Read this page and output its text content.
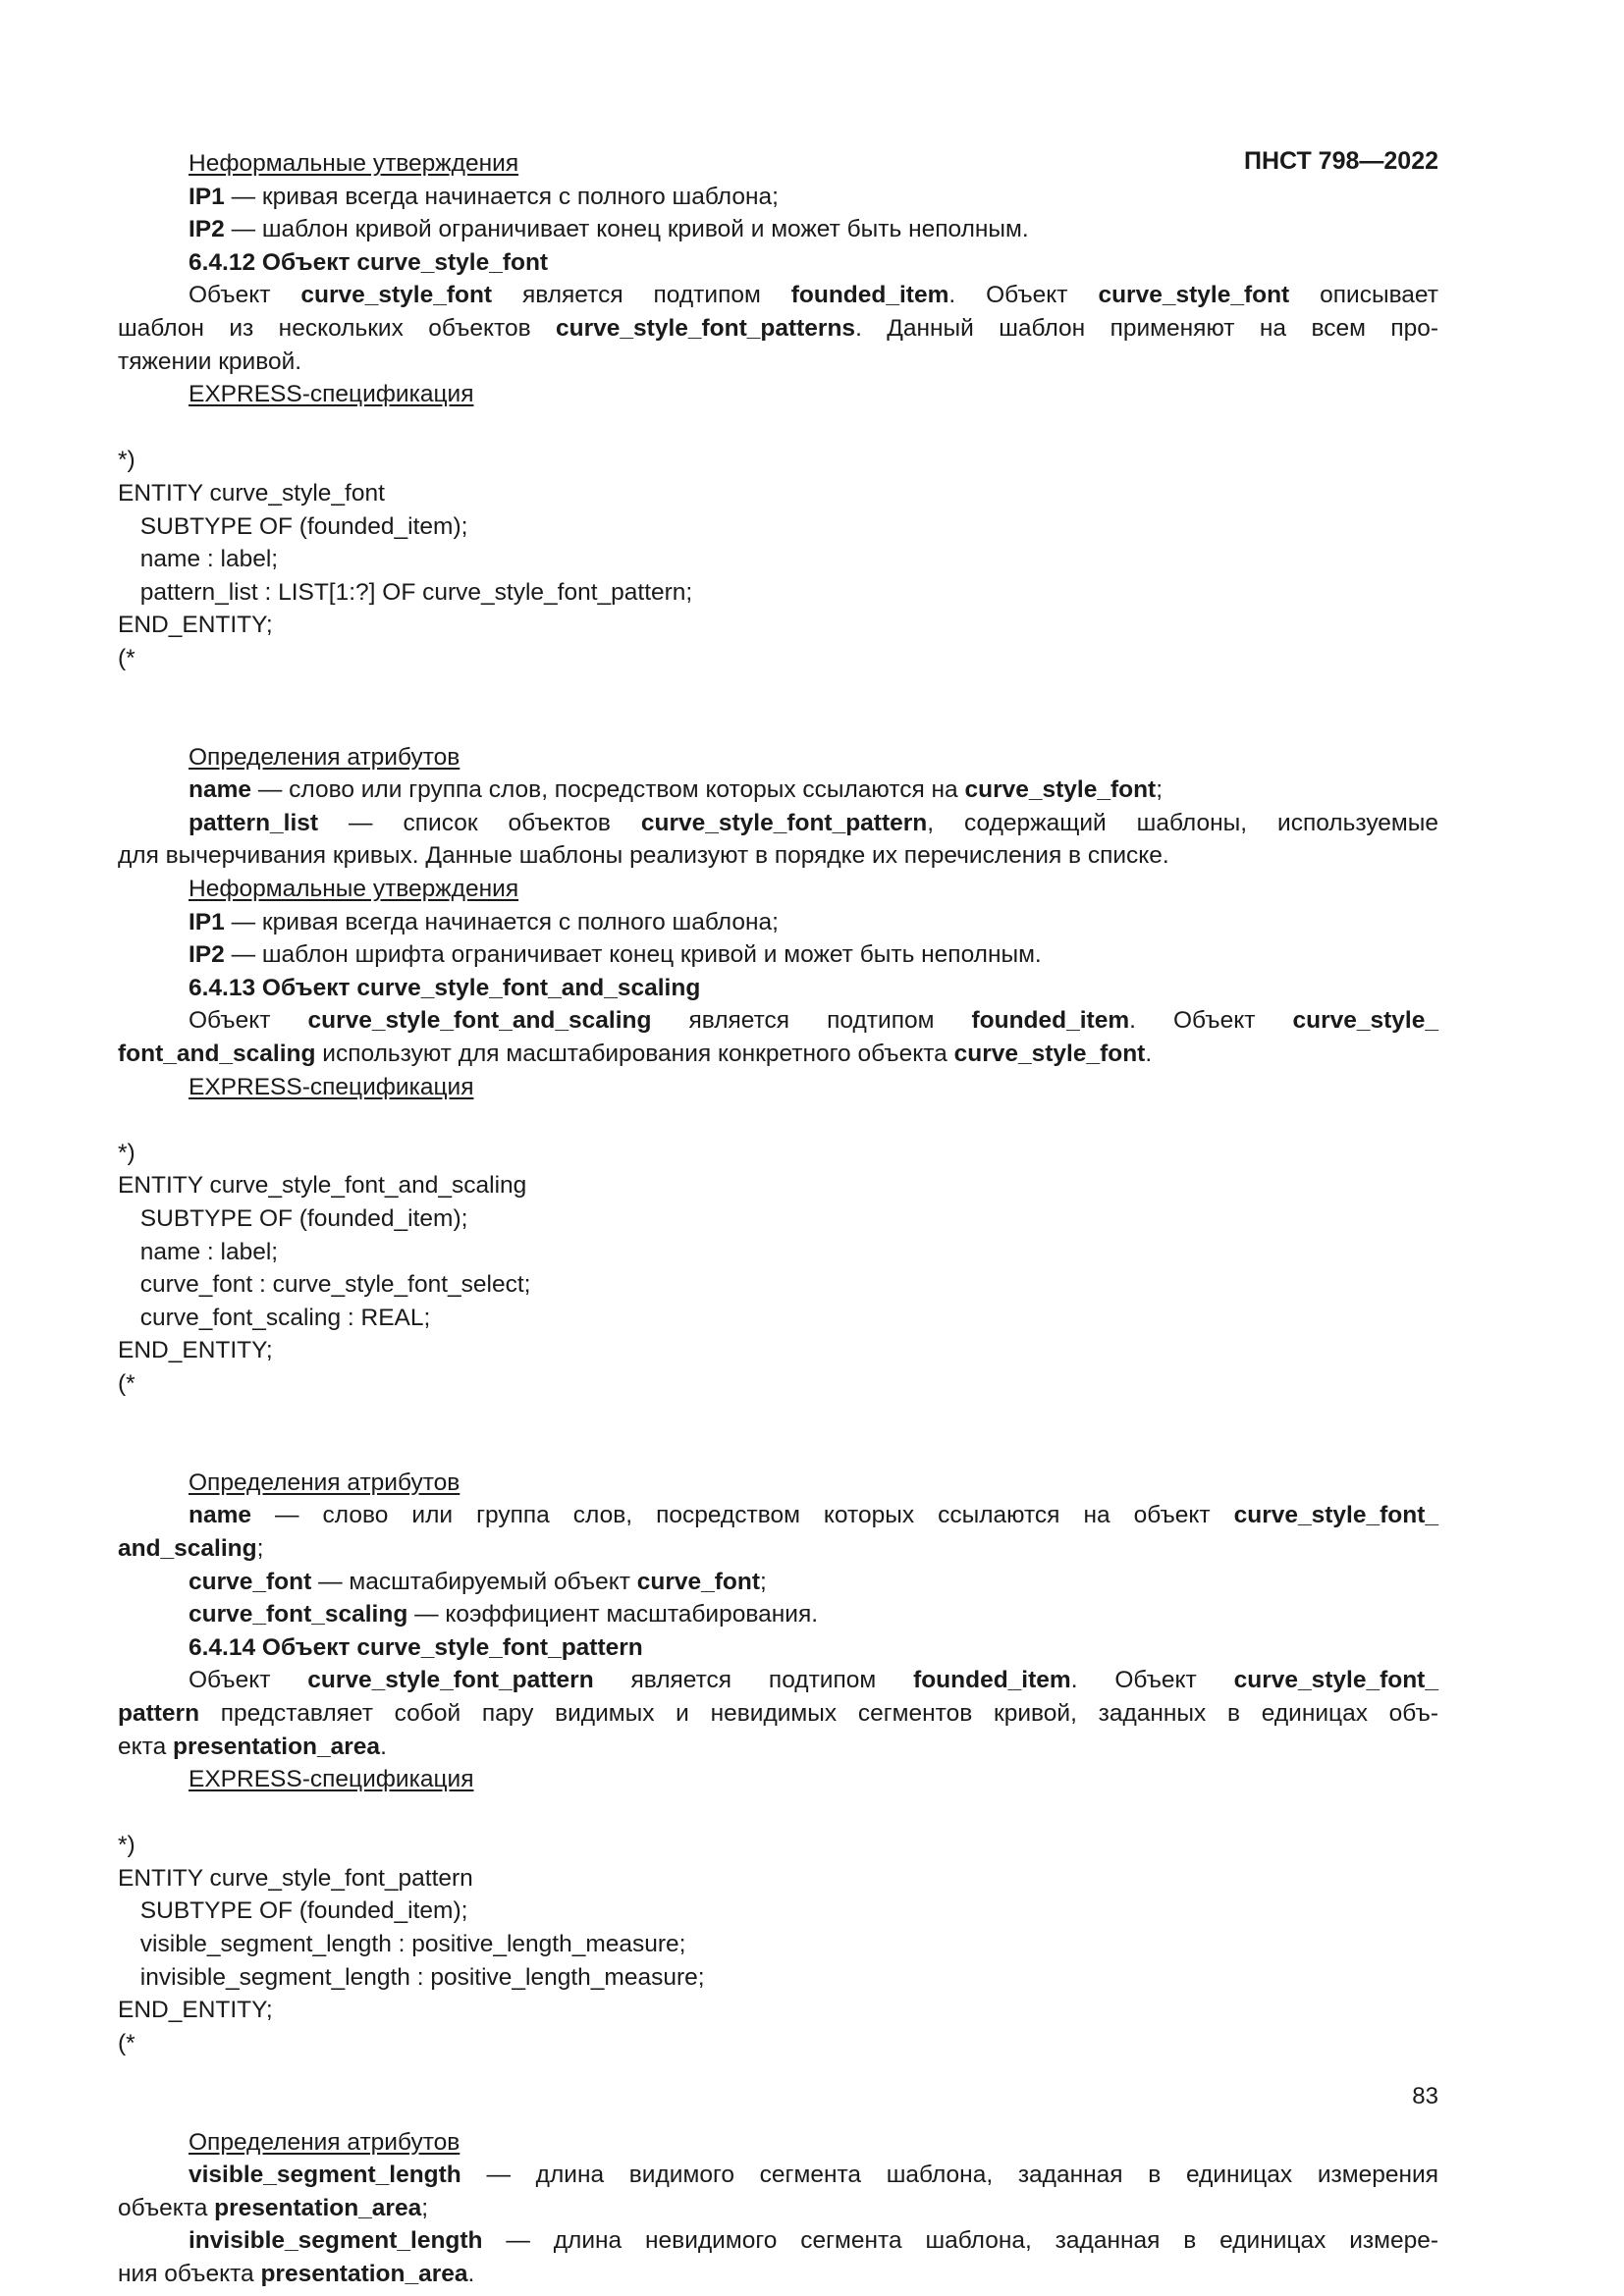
ПНСТ 798—2022
Неформальные утверждения
IP1 — кривая всегда начинается с полного шаблона;
IP2 — шаблон кривой ограничивает конец кривой и может быть неполным.
6.4.12 Объект curve_style_font
Объект curve_style_font является подтипом founded_item. Объект curve_style_font описывает
шаблон из нескольких объектов curve_style_font_patterns. Данный шаблон применяют на всем про-
тяжении кривой.
EXPRESS-спецификация

*)
ENTITY curve_style_font
SUBTYPE OF (founded_item);
name : label;
pattern_list : LIST[1:?] OF curve_style_font_pattern;
END_ENTITY;
(*

Определения атрибутов
name — слово или группа слов, посредством которых ссылаются на curve_style_font;
pattern_list — список объектов curve_style_font_pattern, содержащий шаблоны, используемые
для вычерчивания кривых. Данные шаблоны реализуют в порядке их перечисления в списке.
Неформальные утверждения
IP1 — кривая всегда начинается с полного шаблона;
IP2 — шаблон шрифта ограничивает конец кривой и может быть неполным.
6.4.13 Объект curve_style_font_and_scaling
Объект curve_style_font_and_scaling является подтипом founded_item. Объект curve_style_
font_and_scaling используют для масштабирования конкретного объекта curve_style_font.
EXPRESS-спецификация

*)
ENTITY curve_style_font_and_scaling
SUBTYPE OF (founded_item);
name : label;
curve_font : curve_style_font_select;
curve_font_scaling : REAL;
END_ENTITY;
(*

Определения атрибутов
name — слово или группа слов, посредством которых ссылаются на объект curve_style_font_
and_scaling;
curve_font — масштабируемый объект curve_font;
curve_font_scaling — коэффициент масштабирования.
6.4.14 Объект curve_style_font_pattern
Объект curve_style_font_pattern является подтипом founded_item. Объект curve_style_font_
pattern представляет собой пару видимых и невидимых сегментов кривой, заданных в единицах объ-
екта presentation_area.
EXPRESS-спецификация

*)
ENTITY curve_style_font_pattern
SUBTYPE OF (founded_item);
visible_segment_length : positive_length_measure;
invisible_segment_length : positive_length_measure;
END_ENTITY;
(*

Определения атрибутов
visible_segment_length — длина видимого сегмента шаблона, заданная в единицах измерения
объекта presentation_area;
invisible_segment_length — длина невидимого сегмента шаблона, заданная в единицах измере-
ния объекта presentation_area.
83
